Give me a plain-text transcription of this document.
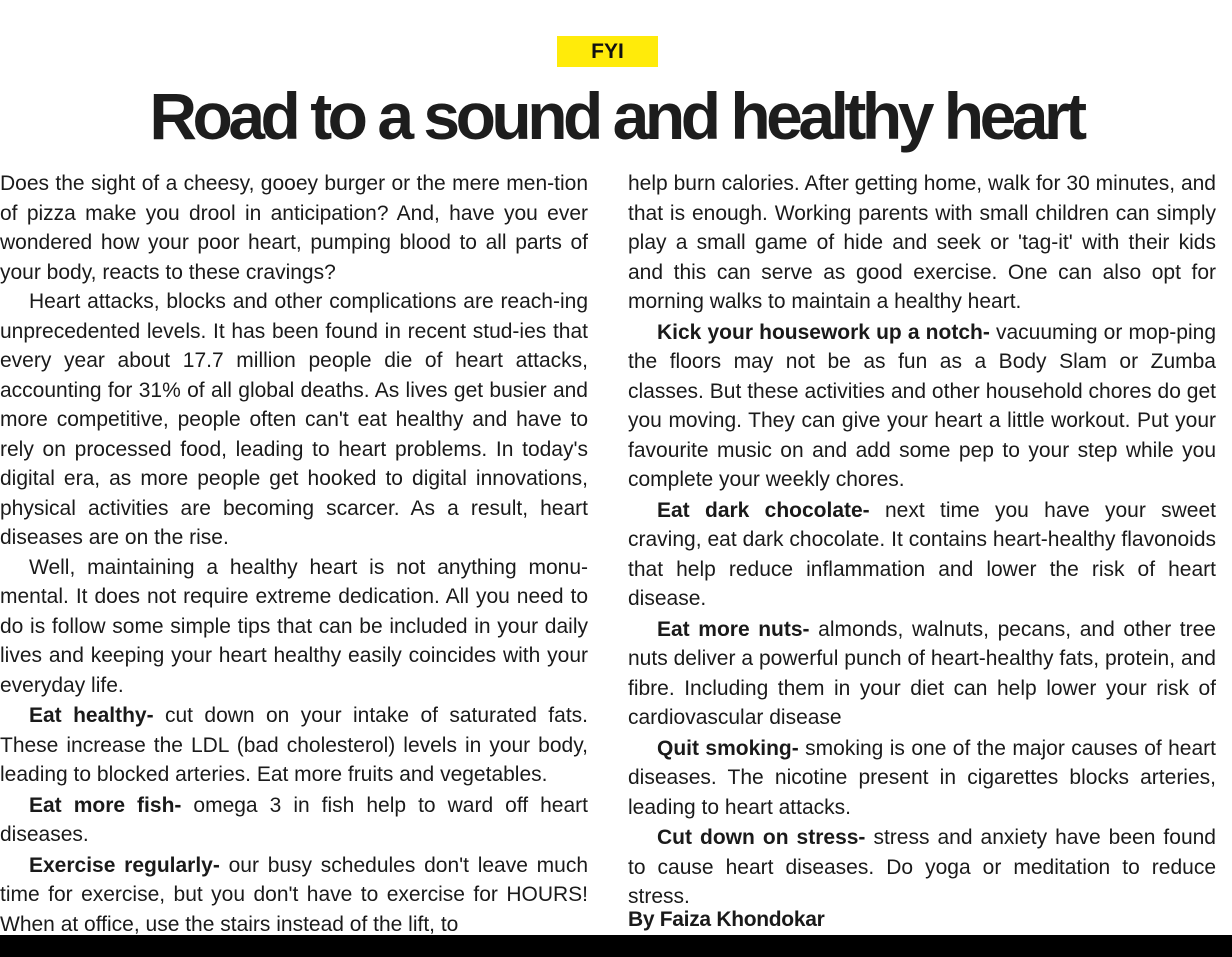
FYI
Road to a sound and healthy heart

Does the sight of a cheesy, gooey burger or the mere men-tion of pizza make you drool in anticipation? And, have you ever wondered how your poor heart, pumping blood to all parts of your body, reacts to these cravings?

Heart attacks, blocks and other complications are reach-ing unprecedented levels. It has been found in recent stud-ies that every year about 17.7 million people die of heart attacks, accounting for 31% of all global deaths. As lives get busier and more competitive, people often can't eat healthy and have to rely on processed food, leading to heart problems. In today's digital era, as more people get hooked to digital innovations, physical activities are becoming scarcer. As a result, heart diseases are on the rise.

Well, maintaining a healthy heart is not anything monu-mental. It does not require extreme dedication. All you need to do is follow some simple tips that can be included in your daily lives and keeping your heart healthy easily coincides with your everyday life.

Eat healthy- cut down on your intake of saturated fats. These increase the LDL (bad cholesterol) levels in your body, leading to blocked arteries. Eat more fruits and vegetables.

Eat more fish- omega 3 in fish help to ward off heart diseases.

Exercise regularly- our busy schedules don't leave much time for exercise, but you don't have to exercise for HOURS! When at office, use the stairs instead of the lift, to

help burn calories. After getting home, walk for 30 minutes, and that is enough. Working parents with small children can simply play a small game of hide and seek or 'tag-it' with their kids and this can serve as good exercise. One can also opt for morning walks to maintain a healthy heart.

Kick your housework up a notch- vacuuming or mop-ping the floors may not be as fun as a Body Slam or Zumba classes. But these activities and other household chores do get you moving. They can give your heart a little workout. Put your favourite music on and add some pep to your step while you complete your weekly chores.

Eat dark chocolate- next time you have your sweet craving, eat dark chocolate. It contains heart-healthy flavonoids that help reduce inflammation and lower the risk of heart disease.

Eat more nuts- almonds, walnuts, pecans, and other tree nuts deliver a powerful punch of heart-healthy fats, protein, and fibre. Including them in your diet can help lower your risk of cardiovascular disease

Quit smoking- smoking is one of the major causes of heart diseases. The nicotine present in cigarettes blocks arteries, leading to heart attacks.

Cut down on stress- stress and anxiety have been found to cause heart diseases. Do yoga or meditation to reduce stress.

By Faiza Khondokar
